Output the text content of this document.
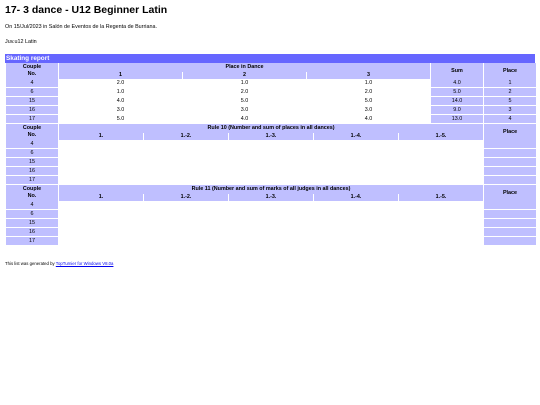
17- 3 dance - U12 Beginner Latin

On 15/Jul/2023 in Salón de Eventos de la Regenta de Burriana.

Juv.u12 Latin

Skating report
Couple
No.	Place in Dance			Sum	Place
	1	2	3		
4	2.0	1.0	1.0	4.0	1
6	1.0	2.0	2.0	5.0	2
15	4.0	5.0	5.0	14.0	5
16	3.0	3.0	3.0	9.0	3
17	5.0	4.0	4.0	13.0	4
Couple
No.	Rule 10 (Number and sum of places in all dances)					Place
	1.	1.-2.	1.-3.	1.-4.	1.-5.	
4						
6						
15						
16						
17						
Couple
No.	Rule 11 (Number and sum of marks of all judges in all dances)					Place
	1.	1.-2.	1.-3.	1.-4.	1.-5.	
4						
6						
15						
16						
17						

This list was generated by TopTurnier for Windows V8.0a
